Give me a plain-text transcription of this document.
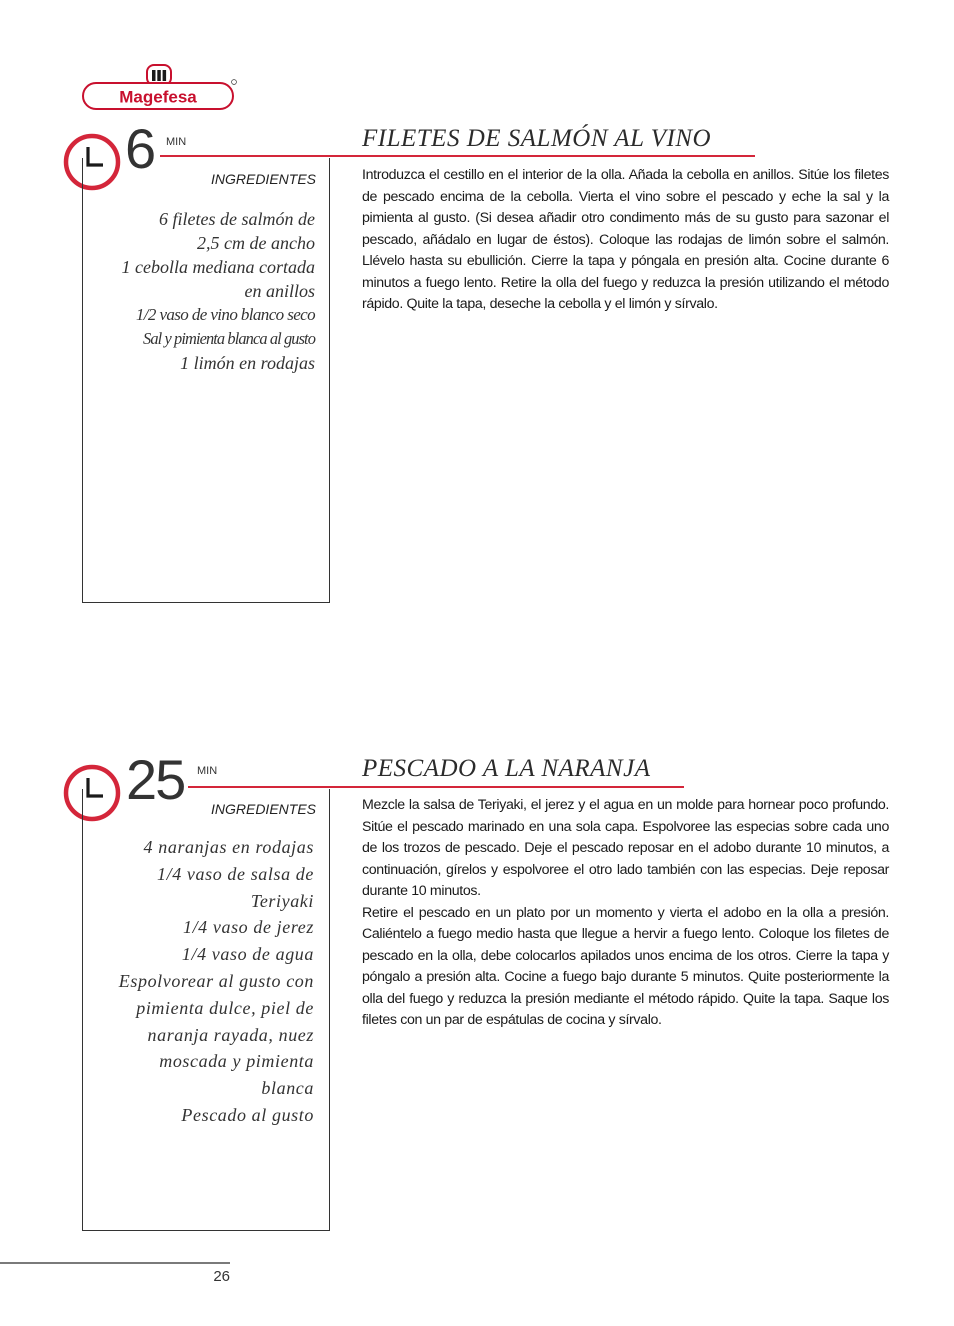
Magefesa
6 MIN
INGREDIENTES
6 filetes de salmón de
2,5 cm de ancho
1 cebolla mediana cortada
en anillos
1/2 vaso de vino blanco seco
Sal y pimienta blanca al gusto
1 limón en rodajas
FILETES DE SALMÓN AL VINO

Introduzca el cestillo en el interior de la olla. Añada la cebolla en anillos. Sitúe los filetes de pescado encima de la cebolla. Vierta el vino sobre el pescado y eche la sal y la pimienta al gusto. (Si desea añadir otro condimento más de su gusto para sazonar el pescado, añádalo en lugar de éstos). Coloque las rodajas de limón sobre el salmón. Llévelo hasta su ebullición. Cierre la tapa y póngala en presión alta. Cocine durante 6 minutos a fuego lento. Retire la olla del fuego y reduzca la presión utilizando el método rápido. Quite la tapa, deseche la cebolla y el limón y sírvalo.

25 MIN
INGREDIENTES
4 naranjas en rodajas
1/4 vaso de salsa de
Teriyaki
1/4 vaso de jerez
1/4 vaso de agua
Espolvorear al gusto con
pimienta dulce, piel de
naranja rayada, nuez
moscada y pimienta
blanca
Pescado al gusto
PESCADO A LA NARANJA

Mezcle la salsa de Teriyaki, el jerez y el agua en un molde para hornear poco profundo. Sitúe el pescado marinado en una sola capa. Espolvoree las especias sobre cada uno de los trozos de pescado. Deje el pescado reposar en el adobo durante 10 minutos, a continuación, gírelos y espolvoree el otro lado también con las especias. Deje reposar durante 10 minutos.

Retire el pescado en un plato por un momento y vierta el adobo en la olla a presión. Caliéntelo a fuego medio hasta que llegue a hervir a fuego lento. Coloque los filetes de pescado en la olla, debe colocarlos apilados unos encima de los otros. Cierre la tapa y póngalo a presión alta. Cocine a fuego bajo durante 5 minutos. Quite posteriormente la olla del fuego y reduzca la presión mediante el método rápido. Quite la tapa. Saque los filetes con un par de espátulas de cocina y sírvalo.

26
